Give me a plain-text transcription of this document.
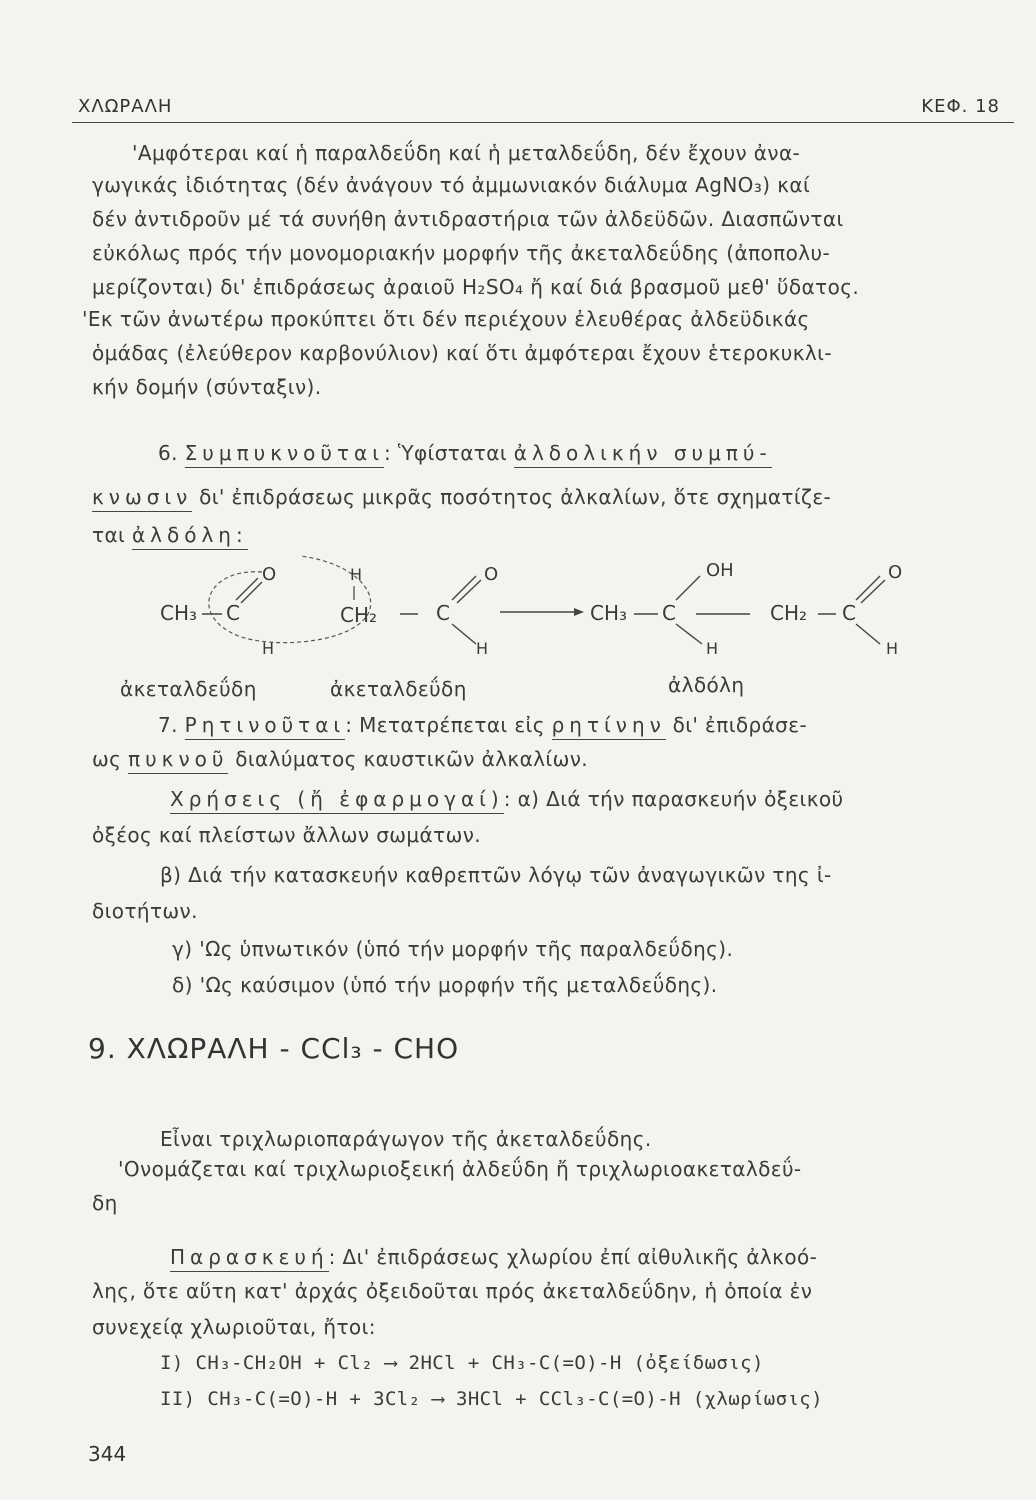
ΧΛΩΡΑΛΗ	ΚΕΦ. 18
'Αμφότεραι καί ἡ παραλδεΰδη καί ἡ μεταλδεΰδη, δέν ἔχουν ἀνα-
γωγικάς ἰδιότητας (δέν ἀνάγουν τό ἀμμωνιακόν διάλυμα AgNO₃) καί
δέν ἀντιδροῦν μέ τά συνήθη ἀντιδραστήρια τῶν ἀλδεϋδῶν. Διασπῶνται
εὐκόλως πρός τήν μονομοριακήν μορφήν τῆς ἀκεταλδεΰδης (ἀποπολυ-
μερίζονται) δι' ἐπιδράσεως ἀραιοῦ H₂SO₄ ἤ καί διά βρασμοῦ μεθ' ὕδατος.
'Εκ τῶν ἀνωτέρω προκύπτει ὅτι δέν περιέχουν ἐλευθέρας ἀλδεϋδικάς
ὁμάδας (ἐλεύθερον καρβονύλιον) καί ὅτι ἀμφότεραι ἔχουν ἑτεροκυκλι-
κήν δομήν (σύνταξιν).
6. Συμπυκνοῦται: Ὑφίσταται ἀλδολικήν συμπύ-
κνωσιν δι' ἐπιδράσεως μικρᾶς ποσότητος ἀλκαλίων, ὅτε σχηματίζε-
ται ἀλδόλη:
CH₃ C
O	H
CH₂	C
O
H	H
CH₃ C
OH
H
CH₂ C
O
H
ἀκεταλδεΰδη	ἀκεταλδεΰδη	ἀλδόλη
7. Ρητινοῦται: Μετατρέπεται εἰς ρητίνην δι' ἐπιδράσε-
ως πυκνοῦ διαλύματος καυστικῶν ἀλκαλίων.
Χρήσεις (ἤ ἐφαρμογαί): α) Διά τήν παρασκευήν ὀξεικοῦ
ὀξέος καί πλείστων ἄλλων σωμάτων.
β) Διά τήν κατασκευήν καθρεπτῶν λόγῳ τῶν ἀναγωγικῶν της ἰ-
διοτήτων.
γ) 'Ως ὑπνωτικόν (ὑπό τήν μορφήν τῆς παραλδεΰδης).
δ) 'Ως καύσιμον (ὑπό τήν μορφήν τῆς μεταλδεΰδης).
9. ΧΛΩΡΑΛΗ - CCl₃ - CHO
Εἶναι τριχλωριοπαράγωγον τῆς ἀκεταλδεΰδης.
'Ονομάζεται καί τριχλωριοξεική ἀλδεΰδη ἤ τριχλωριοακεταλδεΰ-
δη
Παρασκευή: Δι' ἐπιδράσεως χλωρίου ἐπί αἰθυλικῆς ἀλκοό-
λης, ὅτε αὕτη κατ' ἀρχάς ὀξειδοῦται πρός ἀκεταλδεΰδην, ἡ ὁποία ἐν
συνεχείᾳ χλωριοῦται, ἤτοι:
I) CH₃-CH₂OH + Cl₂ ⟶ 2HCl + CH₃-C(=O)-H (ὀξείδωσις)
II) CH₃-C(=O)-H + 3Cl₂ ⟶ 3HCl + CCl₃-C(=O)-H (χλωρίωσις)
344
